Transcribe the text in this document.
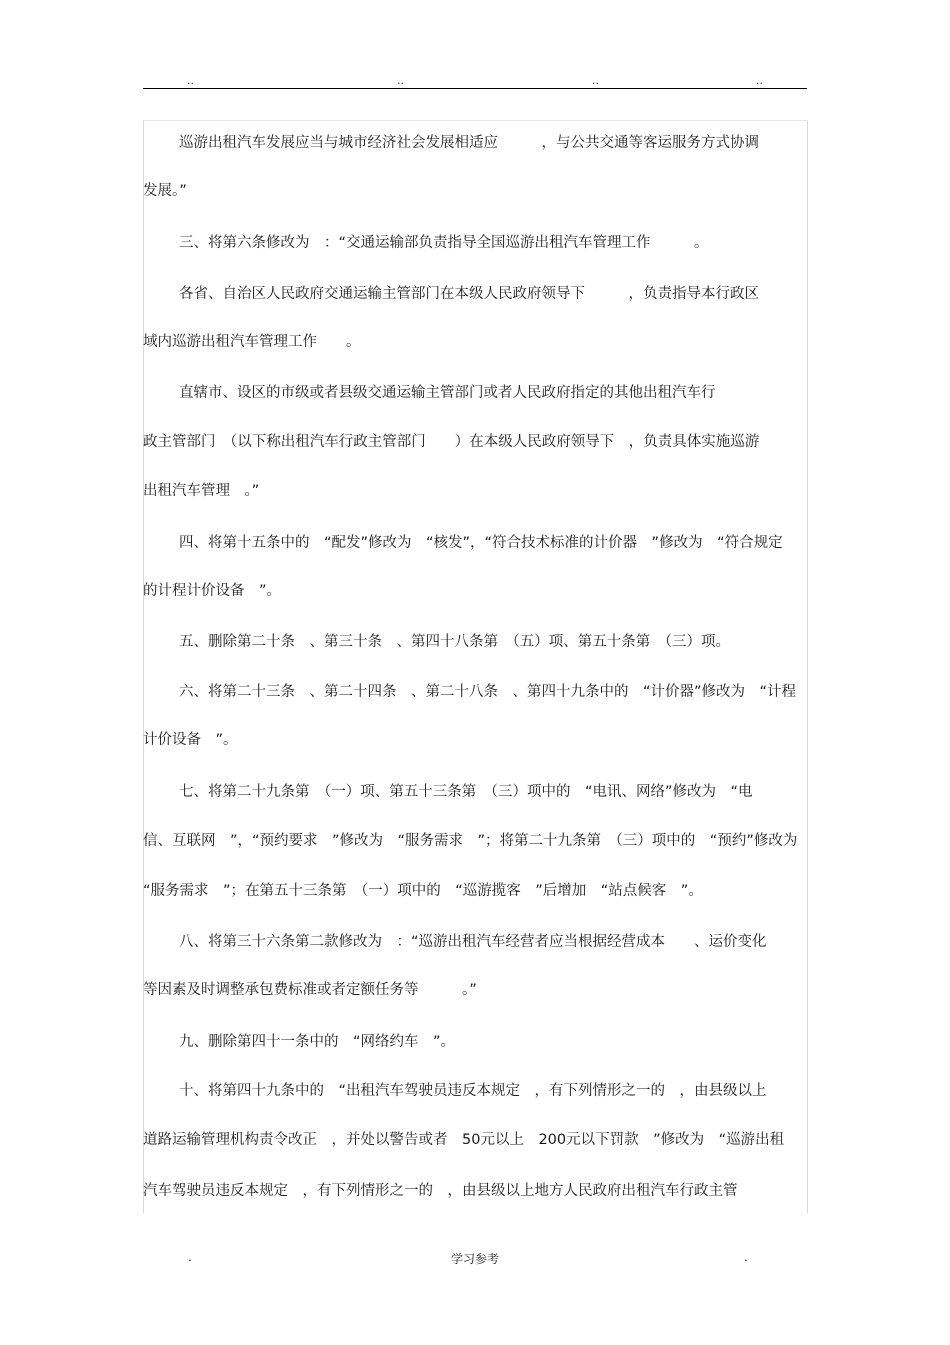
..	..	..	..
巡游出租汽车发展应当与城市经济社会发展相适应　　　，与公共交通等客运服务方式协调
发展。”
三、将第六条修改为　：“交通运输部负责指导全国巡游出租汽车管理工作　　　。
各省、自治区人民政府交通运输主管部门在本级人民政府领导下　　　，负责指导本行政区
域内巡游出租汽车管理工作　　。
直辖市、设区的市级或者县级交通运输主管部门或者人民政府指定的其他出租汽车行
政主管部门　（以下称出租汽车行政主管部门　　）在本级人民政府领导下　，负责具体实施巡游
出租汽车管理　。”
四、将第十五条中的　“配发”修改为　“核发”，“符合技术标准的计价器　”修改为　“符合规定
的计程计价设备　”。
五、删除第二十条　、第三十条　、第四十八条第　（五）项、第五十条第　（三）项。
六、将第二十三条　、第二十四条　、第二十八条　、第四十九条中的　“计价器”修改为　“计程
计价设备　”。
七、将第二十九条第　（一）项、第五十三条第　（三）项中的　“电讯、网络”修改为　“电
信、互联网　”，“预约要求　”修改为　“服务需求　”；将第二十九条第　（三）项中的　“预约”修改为
“服务需求　”；在第五十三条第　（一）项中的　“巡游揽客　”后增加　“站点候客　”。
八、将第三十六条第二款修改为　：“巡游出租汽车经营者应当根据经营成本　　、运价变化
等因素及时调整承包费标准或者定额任务等　　　。”
九、删除第四十一条中的　“网络约车　”。
十、将第四十九条中的　“出租汽车驾驶员违反本规定　，有下列情形之一的　，由县级以上
道路运输管理机构责令改正　，并处以警告或者　50元以上　200元以下罚款　”修改为　“巡游出租
汽车驾驶员违反本规定　，有下列情形之一的　，由县级以上地方人民政府出租汽车行政主管
.	学习参考	.
